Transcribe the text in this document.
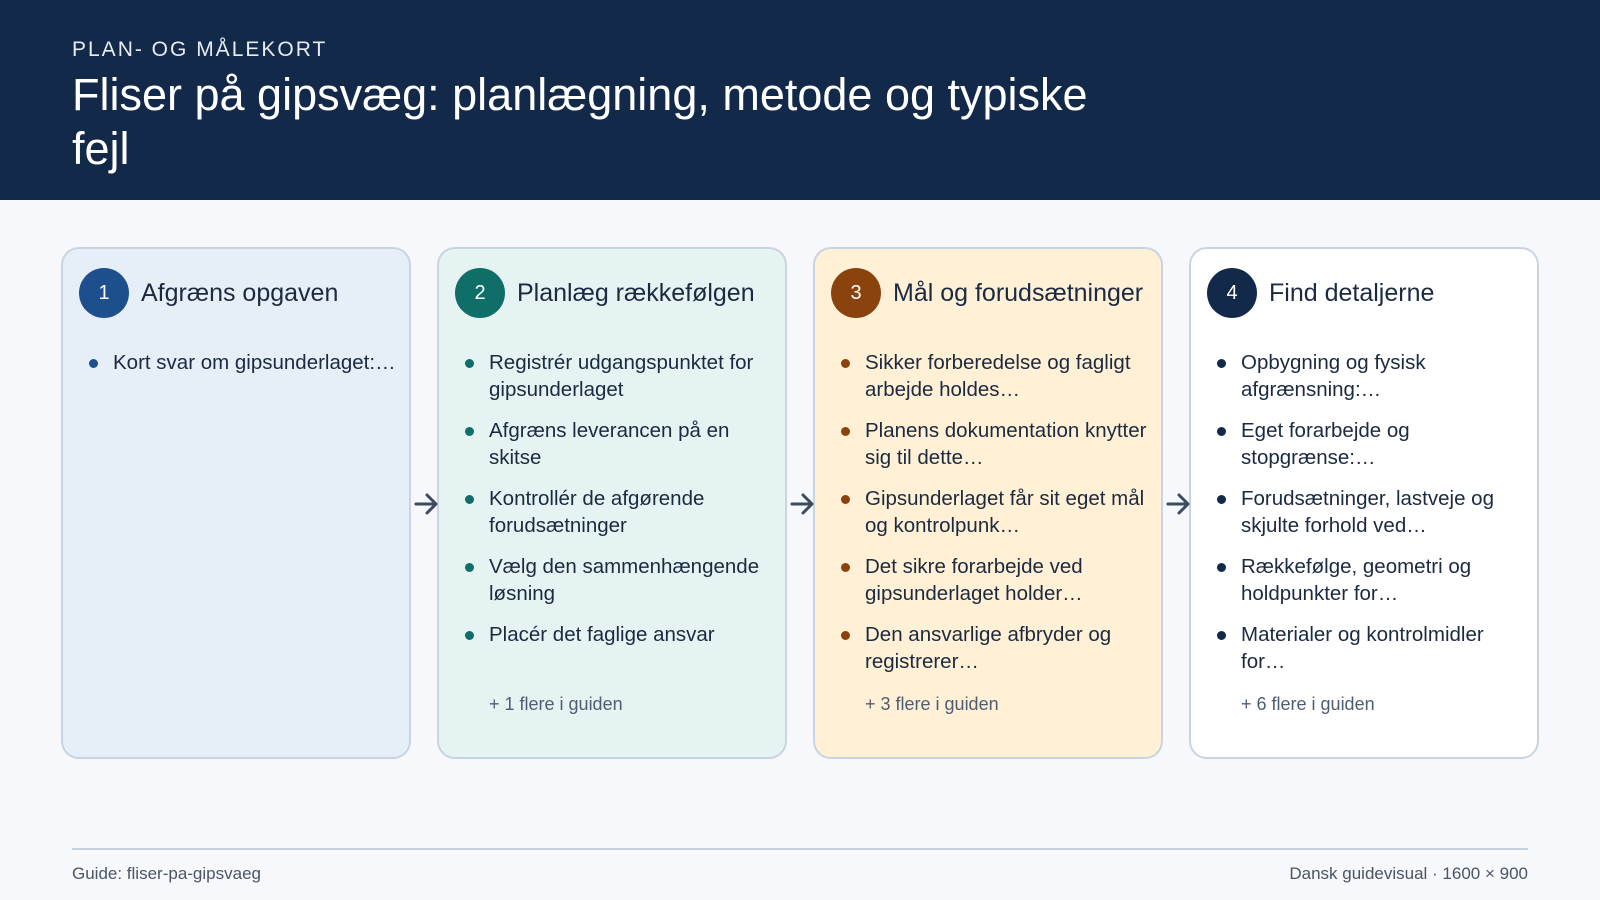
PLAN- OG MÅLEKORT
Fliser på gipsvæg: planlægning, metode og typiske fejl
1	Afgræns opgaven
Kort svar om gipsunderlaget:…
2	Planlæg rækkefølgen
Registrér udgangspunktet for gipsunderlaget
Afgræns leverancen på en skitse
Kontrollér de afgørende forudsætninger
Vælg den sammenhængende løsning
Placér det faglige ansvar
+ 1 flere i guiden
3	Mål og forudsætninger
Sikker forberedelse og fagligt arbejde holdes…
Planens dokumentation knytter sig til dette…
Gipsunderlaget får sit eget mål og kontrolpunk…
Det sikre forarbejde ved gipsunderlaget holder…
Den ansvarlige afbryder og registrerer…
+ 3 flere i guiden
4	Find detaljerne
Opbygning og fysisk afgrænsning:…
Eget forarbejde og stopgrænse:…
Forudsætninger, lastveje og skjulte forhold ved…
Rækkefølge, geometri og holdpunkter for…
Materialer og kontrolmidler for…
+ 6 flere i guiden
Guide: fliser-pa-gipsvaeg	Dansk guidevisual · 1600 × 900
